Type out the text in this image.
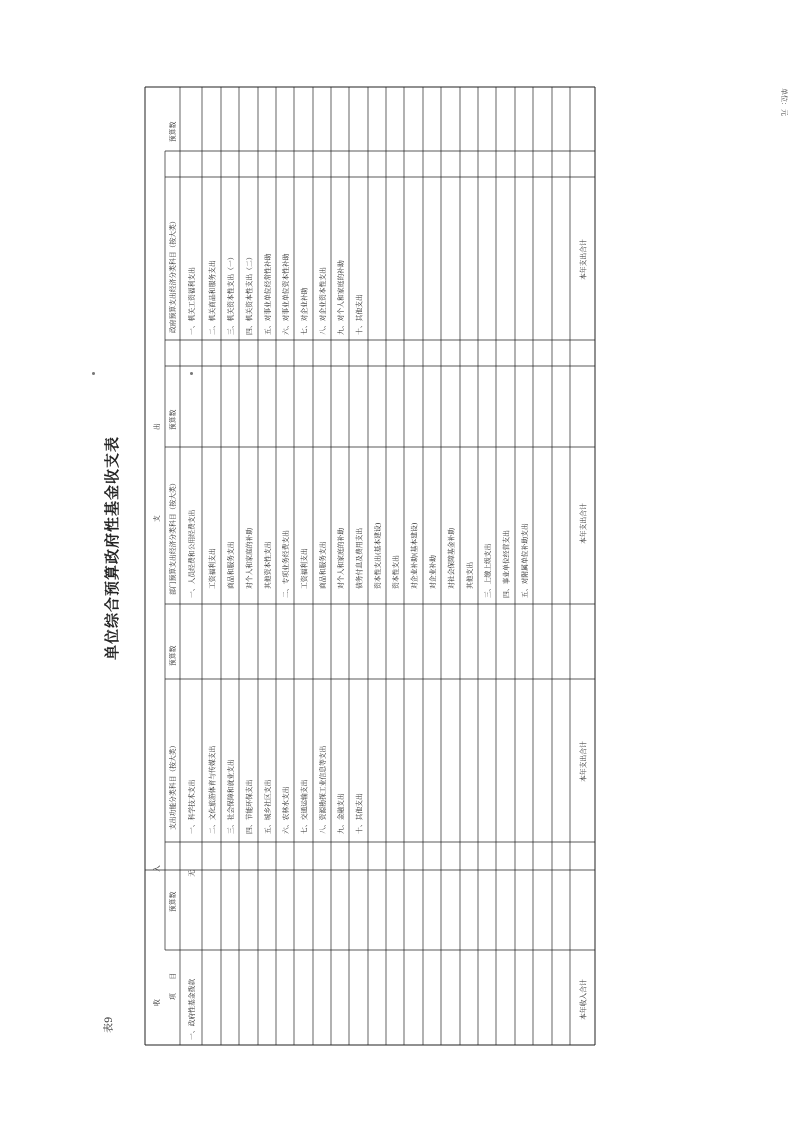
表9
单位综合预算政府性基金收支表
单位：元
收
入
支
出
项　　目
预算数
支出功能分类科目（按大类）
预算数
部门预算支出经济分类科目（按大类）
预算数
政府预算支出经济分类科目（按大类）
预算数
一、政府性基金拨款
无
一、科学技术支出 二、文化旅游体育与传媒支出 三、社会保障和就业支出 四、节能环保支出 五、城乡社区支出 六、农林水支出 七、交通运输支出 八、资源勘探工业信息等支出 九、金融支出 十、其他支出
一、人员经费和公用经费支出 工资福利支出 商品和服务支出 对个人和家庭的补助 其他资本性支出 二、专项业务经费支出 工资福利支出 商品和服务支出 对个人和家庭的补助 债务付息及费用支出 资本性支出(基本建设) 资本性支出 对企业补助(基本建设) 对企业补助 对社会保障基金补助 其他支出 三、上缴上级支出 四、事业单位经营支出 五、对附属单位补助支出
一、机关工资福利支出 二、机关商品和服务支出 三、机关资本性支出（一） 四、机关资本性支出（二） 五、对事业单位经常性补助 六、对事业单位资本性补助 七、对企业补助 八、对企业资本性支出 九、对个人和家庭的补助 十、其他支出
本年收入合计
本年支出合计
本年支出合计
本年支出合计
